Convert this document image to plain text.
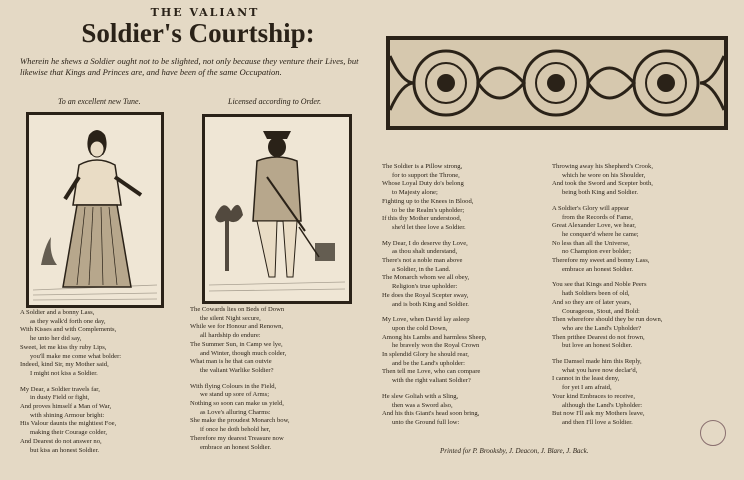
THE VALIANT
Soldier's Courtship:
Wherein he shews a Soldier ought not to be slighted, not only because they venture their Lives, but likewise that Kings and Princes are, and have been of the same Occupation.
To an excellent new Tune.	Licensed according to Order.
A Soldier and a bonny Lass,
as they walk'd forth one day,
With Kisses and with Complements,
he unto her did say,
Sweet, let me kiss thy ruby Lips,
you'll make me come what bolder:
Indeed, kind Sir, my Mother said,
I might not kiss a Soldier.
My Dear, a Soldier travels far,
in dusty Field or fight,
And proves himself a Man of War,
with shining Armour bright:
His Valour daunts the mightiest Foe,
making their Courage colder,
And Dearest do not answer no,
but kiss an honest Soldier.
The Cowards lies on Beds of Down
the silent Night secure,
While we for Honour and Renown,
all hardship do endure:
The Summer Sun, in Camp we lye,
and Winter, though much colder,
What man is he that can outvie
the valiant Warlike Soldier?
With flying Colours in the Field,
we stand up sore of Arms;
Nothing so soon can make us yield,
as Love's alluring Charms:
She make the proudest Monarch bow,
if once he doth behold her,
Therefore my dearest Treasure now
embrace an honest Soldier.
The Soldier is a Pillow strong,
for to support the Throne,
Whose Loyal Duty do's belong
to Majesty alone;
Fighting up to the Knees in Blood,
to be the Realm's upholder;
If this thy Mother understood,
she'd let thee love a Soldier.
My Dear, I do deserve thy Love,
as thou shalt understand,
There's not a noble man above
a Soldier, in the Land.
The Monarch whom we all obey,
Religion's true upholder:
He does the Royal Scepter sway,
and is both King and Soldier.
My Love, when David lay asleep
upon the cold Down,
Among his Lambs and harmless Sheep,
he bravely won the Royal Crown
In splendid Glory he should rear,
and be the Land's upholder:
Then tell me Love, who can compare
with the right valiant Soldier?
He slew Goliah with a Sling,
then was a Sword also,
And his this Giant's head soon bring,
unto the Ground full low:
Throwing away his Shepherd's Crook,
which he wore on his Shoulder,
And took the Sword and Scepter both,
being both King and Soldier.
A Soldier's Glory will appear
from the Records of Fame,
Great Alexander Love, we hear,
he conquer'd where he came;
No less than all the Universe,
no Champion ever bolder;
Therefore my sweet and bonny Lass,
embrace an honest Soldier.
You see that Kings and Noble Peers
hath Soldiers been of old,
And so they are of later years,
Courageous, Stout, and Bold:
Then wherefore should they be run down,
who are the Land's Upholder?
Then prithee Dearest do not frown,
but love an honest Soldier.
The Damsel made him this Reply,
what you have now declar'd,
I cannot in the least deny,
for yet I am afraid,
Your kind Embraces to receive,
although the Land's Upholder:
But now I'll ask my Mothers leave,
and then I'll love a Soldier.
Printed for P. Brooksby, J. Deacon, J. Blare, J. Back.
